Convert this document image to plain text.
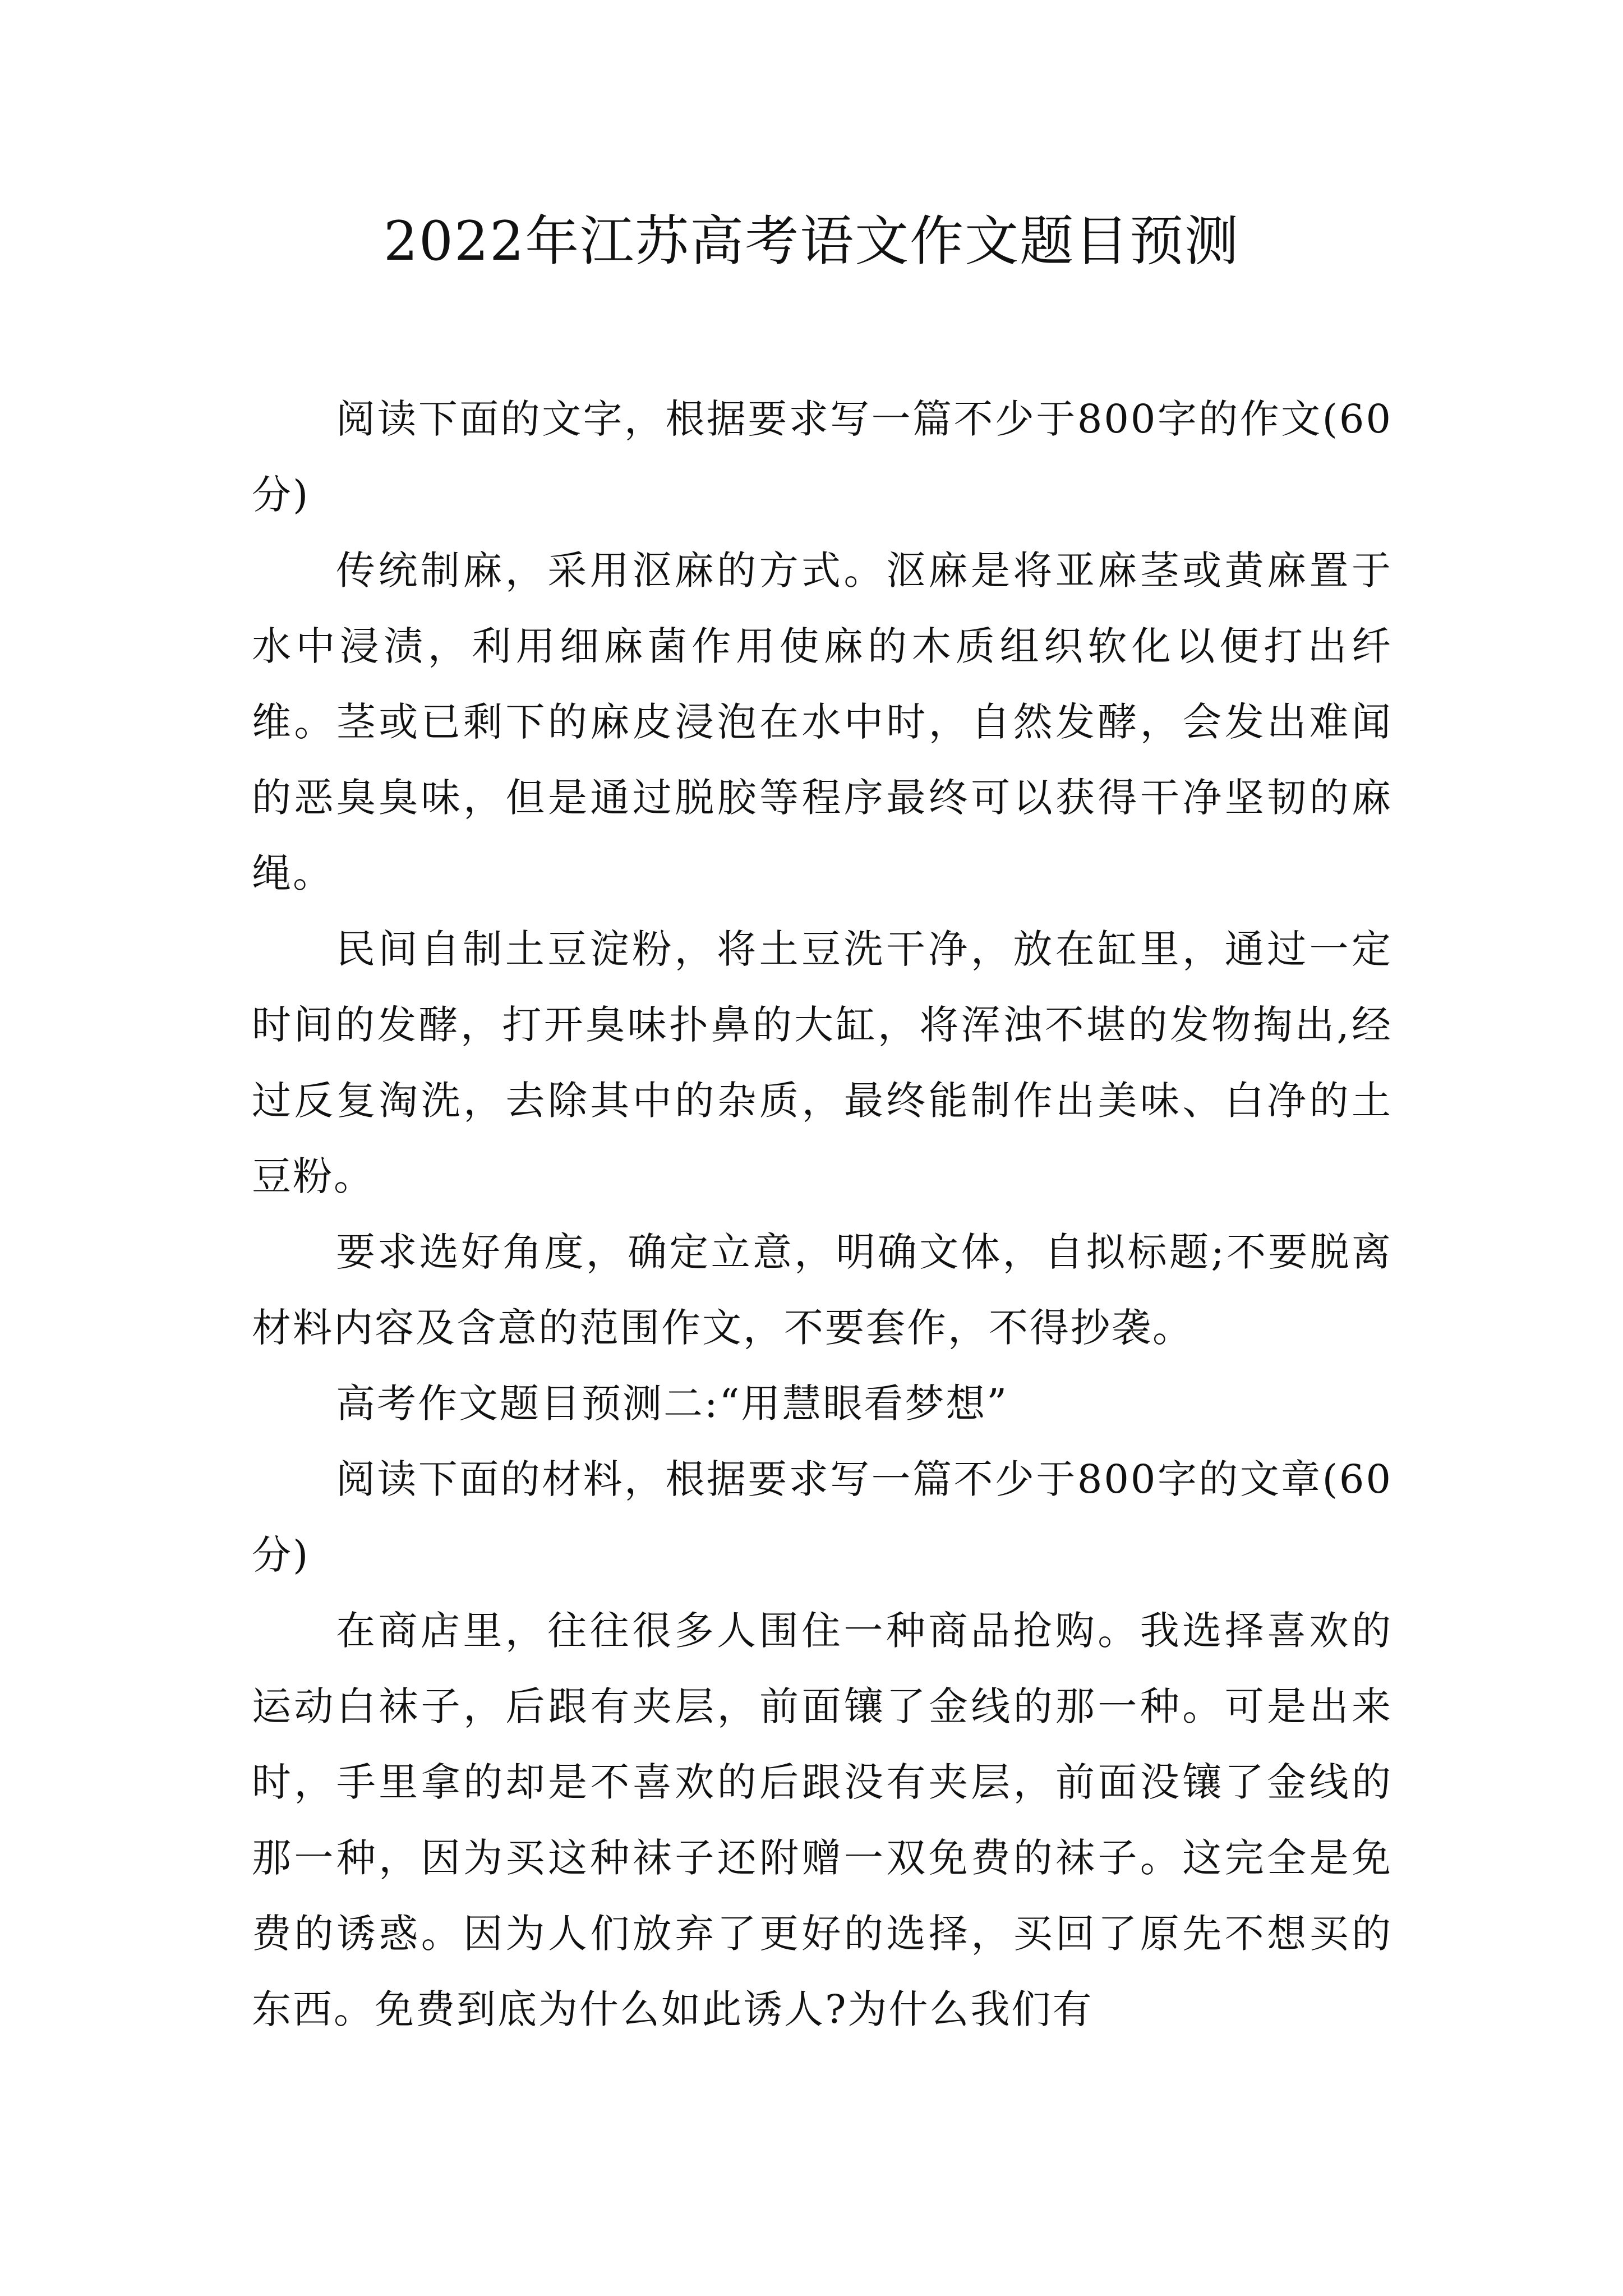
2022年江苏高考语文作文题目预测

阅读下面的文字，根据要求写一篇不少于800字的作文(60分)

传统制麻，采用沤麻的方式。沤麻是将亚麻茎或黄麻置于水中浸渍，利用细麻菌作用使麻的木质组织软化以便打出纤维。茎或已剩下的麻皮浸泡在水中时，自然发酵，会发出难闻的恶臭臭味，但是通过脱胶等程序最终可以获得干净坚韧的麻绳。

民间自制土豆淀粉，将土豆洗干净，放在缸里，通过一定时间的发酵，打开臭味扑鼻的大缸，将浑浊不堪的发物掏出,经过反复淘洗，去除其中的杂质，最终能制作出美味、白净的土豆粉。

要求选好角度，确定立意，明确文体，自拟标题;不要脱离材料内容及含意的范围作文，不要套作，不得抄袭。

高考作文题目预测二:“用慧眼看梦想”

阅读下面的材料，根据要求写一篇不少于800字的文章(60分)

在商店里，往往很多人围住一种商品抢购。我选择喜欢的运动白袜子，后跟有夹层，前面镶了金线的那一种。可是出来时，手里拿的却是不喜欢的后跟没有夹层，前面没镶了金线的那一种，因为买这种袜子还附赠一双免费的袜子。这完全是免费的诱惑。因为人们放弃了更好的选择，买回了原先不想买的东西。免费到底为什么如此诱人?为什么我们有
